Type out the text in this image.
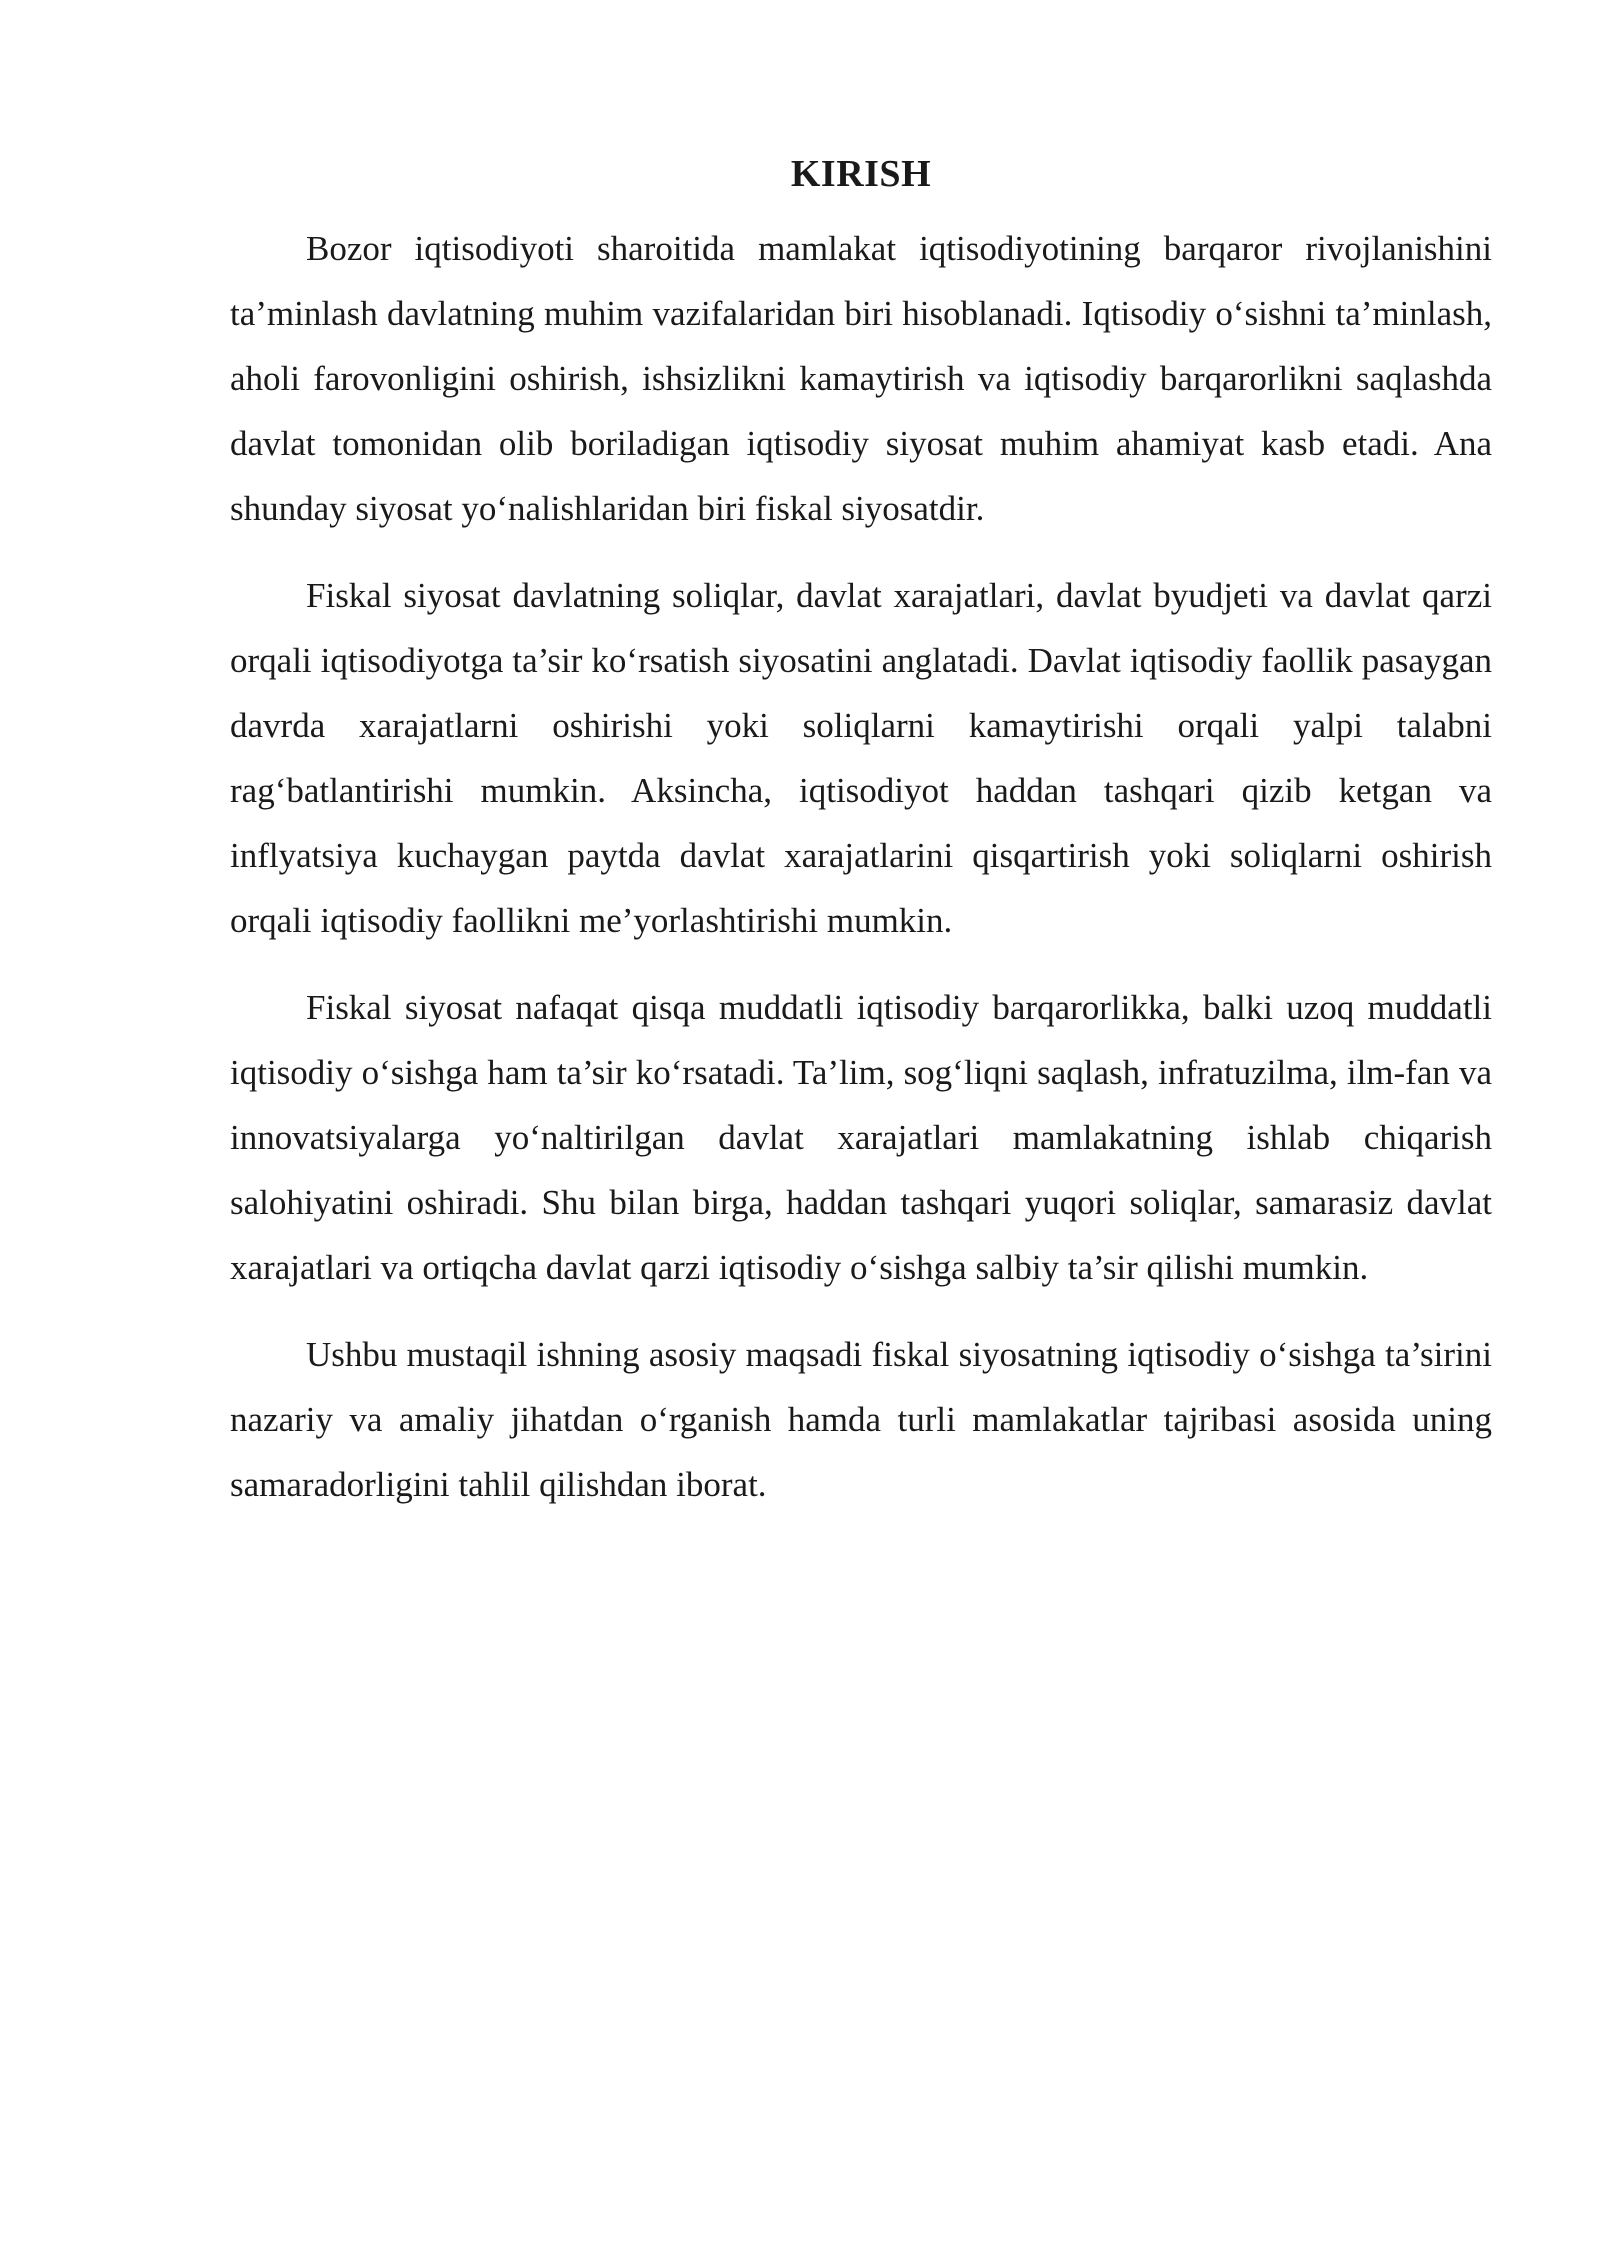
KIRISH

Bozor iqtisodiyoti sharoitida mamlakat iqtisodiyotining barqaror rivojlanishini ta’minlash davlatning muhim vazifalaridan biri hisoblanadi. Iqtisodiy o‘sishni ta’minlash, aholi farovonligini oshirish, ishsizlikni kamaytirish va iqtisodiy barqarorlikni saqlashda davlat tomonidan olib boriladigan iqtisodiy siyosat muhim ahamiyat kasb etadi. Ana shunday siyosat yo‘nalishlaridan biri fiskal siyosatdir.

Fiskal siyosat davlatning soliqlar, davlat xarajatlari, davlat byudjeti va davlat qarzi orqali iqtisodiyotga ta’sir ko‘rsatish siyosatini anglatadi. Davlat iqtisodiy faollik pasaygan davrda xarajatlarni oshirishi yoki soliqlarni kamaytirishi orqali yalpi talabni rag‘batlantirishi mumkin. Aksincha, iqtisodiyot haddan tashqari qizib ketgan va inflyatsiya kuchaygan paytda davlat xarajatlarini qisqartirish yoki soliqlarni oshirish orqali iqtisodiy faollikni me’yorlashtirishi mumkin.

Fiskal siyosat nafaqat qisqa muddatli iqtisodiy barqarorlikka, balki uzoq muddatli iqtisodiy o‘sishga ham ta’sir ko‘rsatadi. Ta’lim, sog‘liqni saqlash, infratuzilma, ilm-fan va innovatsiyalarga yo‘naltirilgan davlat xarajatlari mamlakatning ishlab chiqarish salohiyatini oshiradi. Shu bilan birga, haddan tashqari yuqori soliqlar, samarasiz davlat xarajatlari va ortiqcha davlat qarzi iqtisodiy o‘sishga salbiy ta’sir qilishi mumkin.

Ushbu mustaqil ishning asosiy maqsadi fiskal siyosatning iqtisodiy o‘sishga ta’sirini nazariy va amaliy jihatdan o‘rganish hamda turli mamlakatlar tajribasi asosida uning samaradorligini tahlil qilishdan iborat.
